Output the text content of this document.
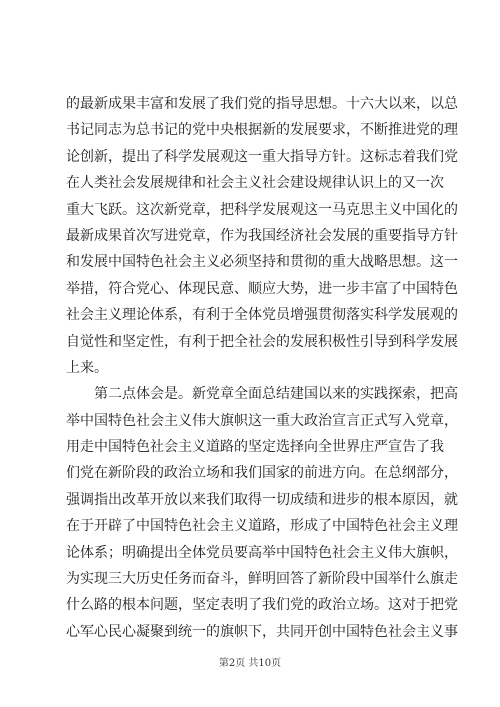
的最新成果丰富和发展了我们党的指导思想。十六大以来，以总
书记同志为总书记的党中央根据新的发展要求，不断推进党的理
论创新，提出了科学发展观这一重大指导方针。这标志着我们党
在人类社会发展规律和社会主义社会建设规律认识上的又一次
重大飞跃。这次新党章，把科学发展观这一马克思主义中国化的
最新成果首次写进党章，作为我国经济社会发展的重要指导方针
和发展中国特色社会主义必须坚持和贯彻的重大战略思想。这一
举措，符合党心、体现民意、顺应大势，进一步丰富了中国特色
社会主义理论体系，有利于全体党员增强贯彻落实科学发展观的
自觉性和坚定性，有利于把全社会的发展积极性引导到科学发展
上来。
第二点体会是。新党章全面总结建国以来的实践探索，把高
举中国特色社会主义伟大旗帜这一重大政治宣言正式写入党章，
用走中国特色社会主义道路的坚定选择向全世界庄严宣告了我
们党在新阶段的政治立场和我们国家的前进方向。在总纲部分，
强调指出改革开放以来我们取得一切成绩和进步的根本原因，就
在于开辟了中国特色社会主义道路，形成了中国特色社会主义理
论体系；明确提出全体党员要高举中国特色社会主义伟大旗帜，
为实现三大历史任务而奋斗，鲜明回答了新阶段中国举什么旗走
什么路的根本问题，坚定表明了我们党的政治立场。这对于把党
心军心民心凝聚到统一的旗帜下，共同开创中国特色社会主义事
第2页 共10页
